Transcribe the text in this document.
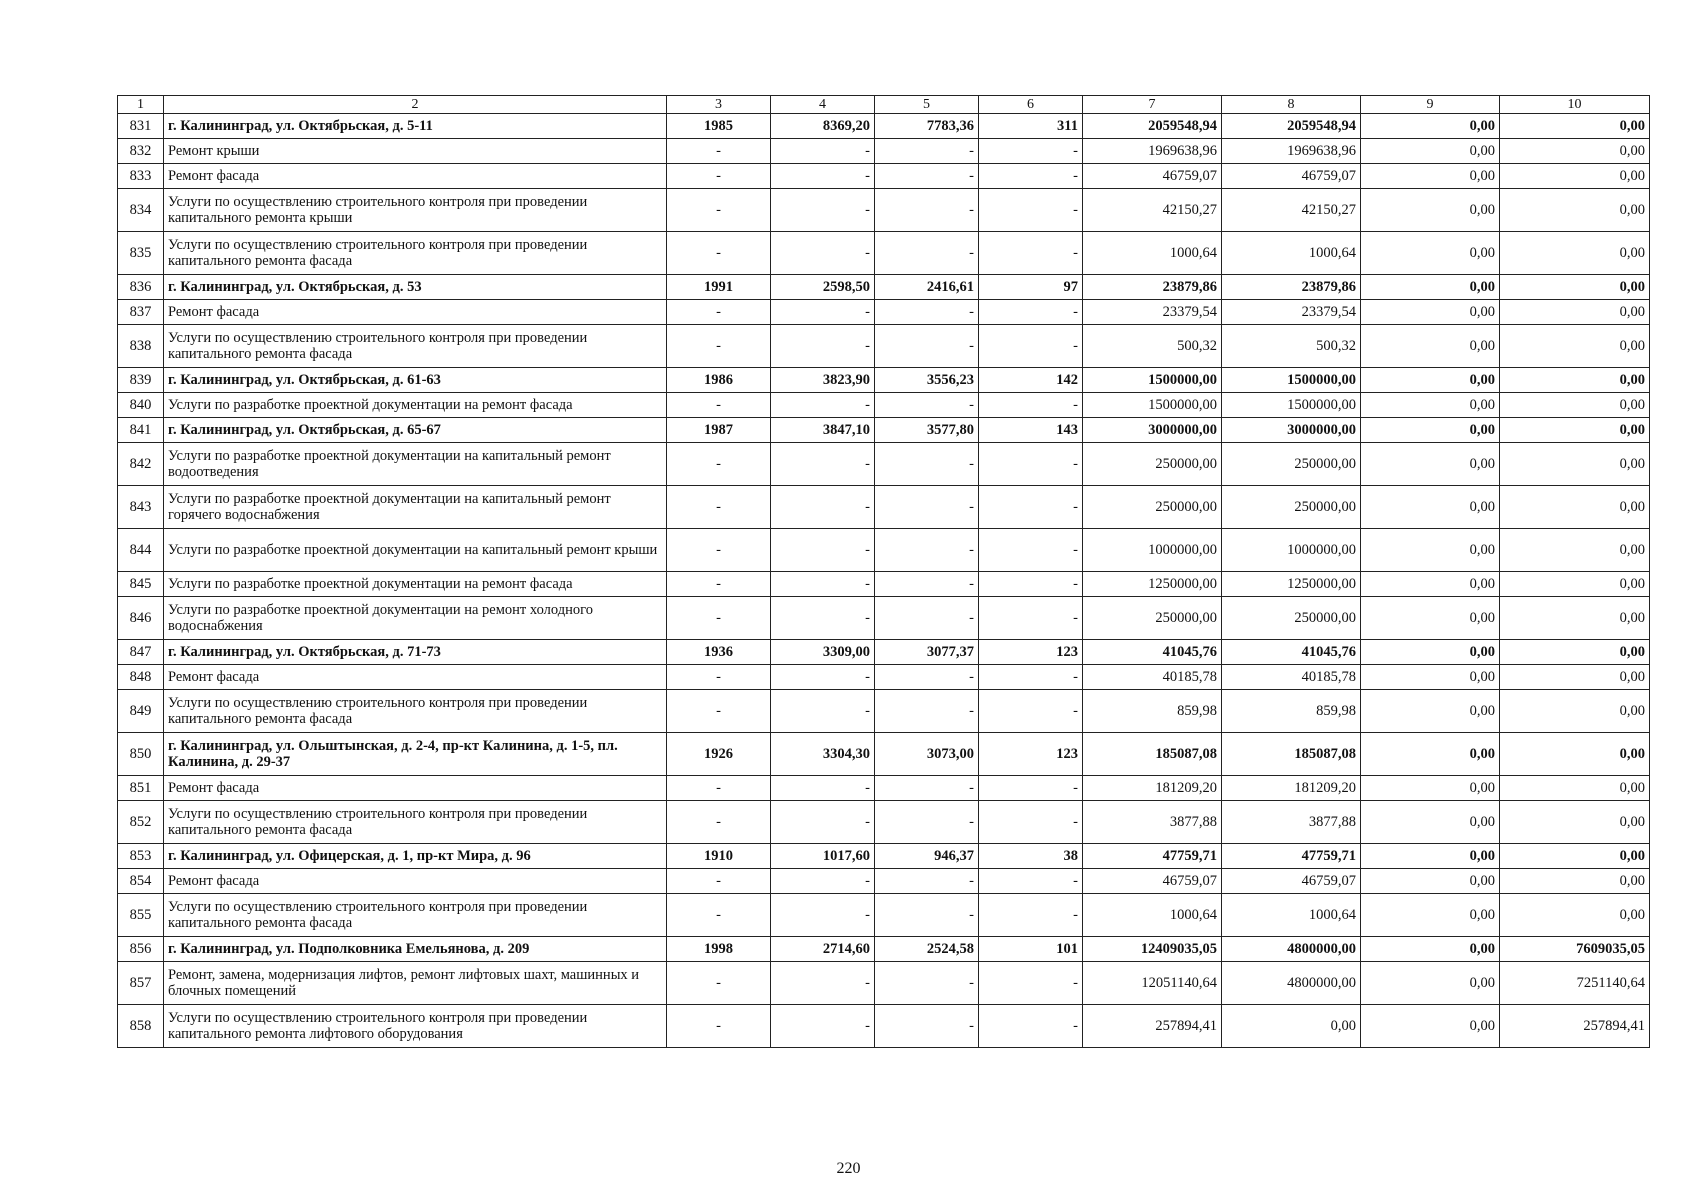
1	2	3	4	5	6	7	8	9	10
831	г. Калининград, ул. Октябрьская, д. 5-11	1985	8369,20	7783,36	311	2059548,94	2059548,94	0,00	0,00
832	Ремонт крыши	-	-	-	-	1969638,96	1969638,96	0,00	0,00
833	Ремонт фасада	-	-	-	-	46759,07	46759,07	0,00	0,00
834	Услуги по осуществлению строительного контроля при проведении капитального ремонта крыши	-	-	-	-	42150,27	42150,27	0,00	0,00
835	Услуги по осуществлению строительного контроля при проведении капитального ремонта фасада	-	-	-	-	1000,64	1000,64	0,00	0,00
836	г. Калининград, ул. Октябрьская, д. 53	1991	2598,50	2416,61	97	23879,86	23879,86	0,00	0,00
837	Ремонт фасада	-	-	-	-	23379,54	23379,54	0,00	0,00
838	Услуги по осуществлению строительного контроля при проведении капитального ремонта фасада	-	-	-	-	500,32	500,32	0,00	0,00
839	г. Калининград, ул. Октябрьская, д. 61-63	1986	3823,90	3556,23	142	1500000,00	1500000,00	0,00	0,00
840	Услуги по разработке проектной документации на ремонт фасада	-	-	-	-	1500000,00	1500000,00	0,00	0,00
841	г. Калининград, ул. Октябрьская, д. 65-67	1987	3847,10	3577,80	143	3000000,00	3000000,00	0,00	0,00
842	Услуги по разработке проектной документации на капитальный ремонт водоотведения	-	-	-	-	250000,00	250000,00	0,00	0,00
843	Услуги по разработке проектной документации на капитальный ремонт горячего водоснабжения	-	-	-	-	250000,00	250000,00	0,00	0,00
844	Услуги по разработке проектной документации на капитальный ремонт крыши	-	-	-	-	1000000,00	1000000,00	0,00	0,00
845	Услуги по разработке проектной документации на ремонт фасада	-	-	-	-	1250000,00	1250000,00	0,00	0,00
846	Услуги по разработке проектной документации на ремонт холодного водоснабжения	-	-	-	-	250000,00	250000,00	0,00	0,00
847	г. Калининград, ул. Октябрьская, д. 71-73	1936	3309,00	3077,37	123	41045,76	41045,76	0,00	0,00
848	Ремонт фасада	-	-	-	-	40185,78	40185,78	0,00	0,00
849	Услуги по осуществлению строительного контроля при проведении капитального ремонта фасада	-	-	-	-	859,98	859,98	0,00	0,00
850	г. Калининград, ул. Ольштынская, д. 2-4, пр-кт Калинина, д. 1-5, пл. Калинина, д. 29-37	1926	3304,30	3073,00	123	185087,08	185087,08	0,00	0,00
851	Ремонт фасада	-	-	-	-	181209,20	181209,20	0,00	0,00
852	Услуги по осуществлению строительного контроля при проведении капитального ремонта фасада	-	-	-	-	3877,88	3877,88	0,00	0,00
853	г. Калининград, ул. Офицерская, д. 1, пр-кт Мира, д. 96	1910	1017,60	946,37	38	47759,71	47759,71	0,00	0,00
854	Ремонт фасада	-	-	-	-	46759,07	46759,07	0,00	0,00
855	Услуги по осуществлению строительного контроля при проведении капитального ремонта фасада	-	-	-	-	1000,64	1000,64	0,00	0,00
856	г. Калининград, ул. Подполковника Емельянова, д. 209	1998	2714,60	2524,58	101	12409035,05	4800000,00	0,00	7609035,05
857	Ремонт, замена, модернизация лифтов, ремонт лифтовых шахт, машинных и блочных помещений	-	-	-	-	12051140,64	4800000,00	0,00	7251140,64
858	Услуги по осуществлению строительного контроля при проведении капитального ремонта лифтового оборудования	-	-	-	-	257894,41	0,00	0,00	257894,41
220
